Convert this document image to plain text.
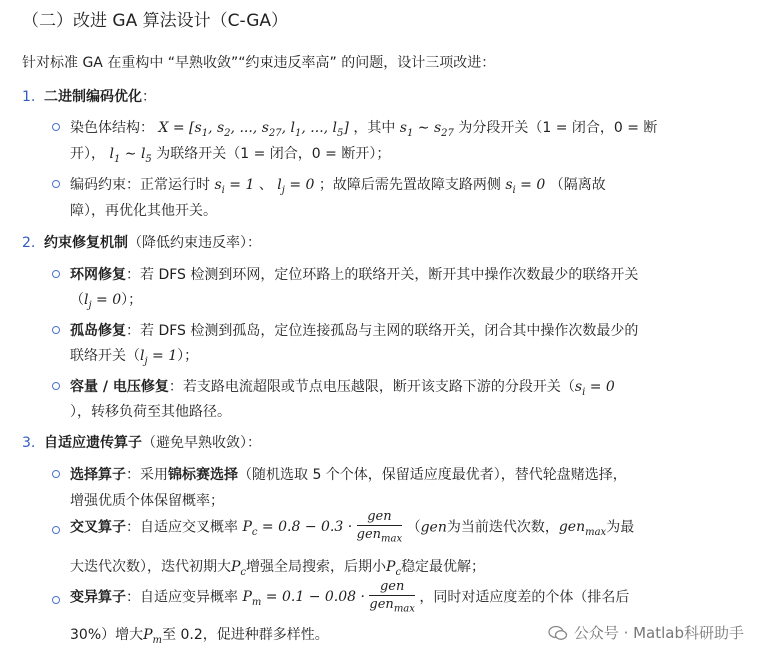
（二）改进 GA 算法设计（C-GA）
针对标准 GA 在重构中 “早熟收敛”“约束违反率高” 的问题，设计三项改进：
1. 二进制编码优化：
染色体结构： $X = [s_1$, $s_2$, ..., $s_{27}$, $l_1$, ..., $l_5$] ，其中 $s_1$ ∼ $s_{27}$ 为分段开关（1 = 闭合，0 = 断
开）， $l_1$ ∼ $l_5$ 为联络开关（1 = 闭合，0 = 断开）；
编码约束：正常运行时 $s_i = 1$ 、 $l_j = 0$ ；故障后需先置故障支路两侧 $s_i = 0$ （隔离故
障），再优化其他开关。
2. 约束修复机制（降低约束违反率）：
环网修复：若 DFS 检测到环网，定位环路上的联络开关，断开其中操作次数最少的联络开关
$(l_j = 0)$；
孤岛修复：若 DFS 检测到孤岛，定位连接孤岛与主网的联络开关，闭合其中操作次数最少的
联络开关$(l_j = 1)$；
容量 / 电压修复：若支路电流超限或节点电压越限，断开该支路下游的分段开关（$s_i = 0$
），转移负荷至其他路径。
3. 自适应遗传算子（避免早熟收敛）：
选择算子：采用锦标赛选择（随机选取 5 个个体，保留适应度最优者），替代轮盘赌选择，
增强优质个体保留概率；
交叉算子：自适应交叉概率 $P_c = 0.8 - 0.3 \cdot \frac{\text{gen}}{gen_{max}} (gen$为当前迭代次数，gen$_{max}$为最
大迭代次数），迭代初期大$P_c$增强全局搜索，后期小$P_c$稳定最优解；
变异算子：自适应变异概率 $P_m = 0.1 - 0.08 \cdot \frac{\text{gen}}{gen_{max}}$ ，同时对适应度差的个体（排名后
30%）增大$P_m$至 0.2，促进种群多样性。	公众号 · Matlab科研助手
